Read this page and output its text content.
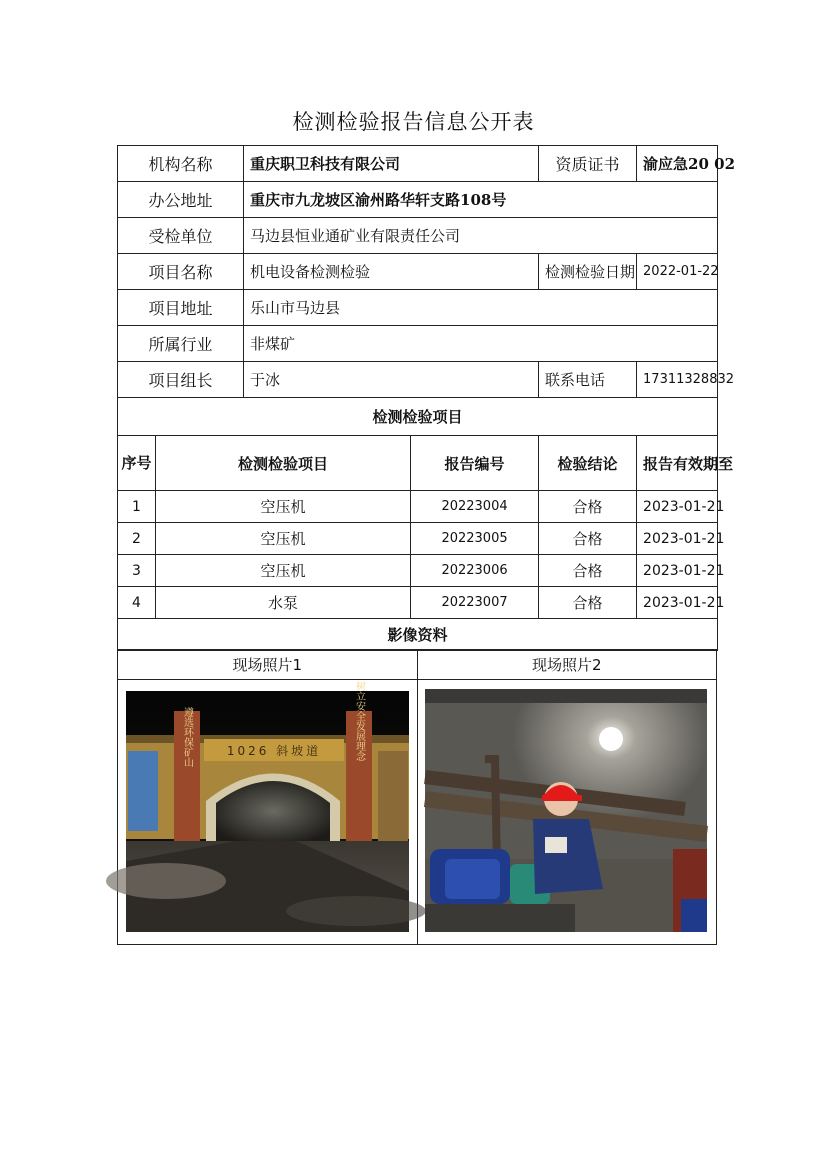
检测检验报告信息公开表
机构名称		重庆职卫科技有限公司		资质证书	渝应急20 02
办公地址		重庆市九龙坡区渝州路华轩支路108号			
受检单位		马边县恒业通矿业有限责任公司			
项目名称		机电设备检测检验		检测检验日期	2022-01-22
项目地址		乐山市马边县			
所属行业		非煤矿			
项目组长		于冰		联系电话	17311328832
检测检验项目					
序号	检测检验项目		报告编号	检验结论	报告有效期至
1	空压机		20223004	合格	2023-01-21
2	空压机		20223005	合格	2023-01-21
3	空压机		20223006	合格	2023-01-21
4	水泵		20223007	合格	2023-01-21
影像资料					
现场照片1	现场照片2

1026 斜坡道
遵选环保矿山	树立安全发展理念
